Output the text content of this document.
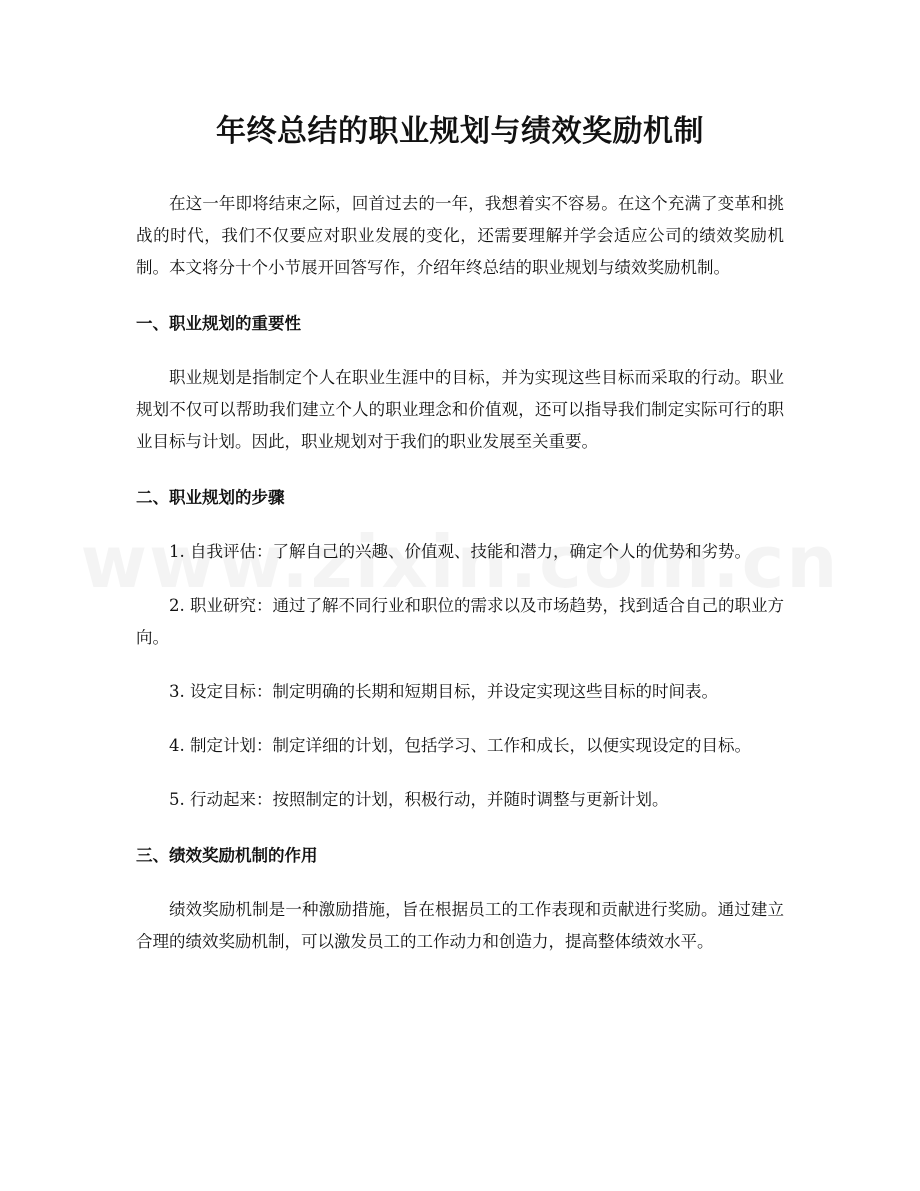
年终总结的职业规划与绩效奖励机制

在这一年即将结束之际，回首过去的一年，我想着实不容易。在这个充满了变革和挑战的时代，我们不仅要应对职业发展的变化，还需要理解并学会适应公司的绩效奖励机制。本文将分十个小节展开回答写作，介绍年终总结的职业规划与绩效奖励机制。

一、职业规划的重要性

职业规划是指制定个人在职业生涯中的目标，并为实现这些目标而采取的行动。职业规划不仅可以帮助我们建立个人的职业理念和价值观，还可以指导我们制定实际可行的职业目标与计划。因此，职业规划对于我们的职业发展至关重要。

二、职业规划的步骤

1. 自我评估：了解自己的兴趣、价值观、技能和潜力，确定个人的优势和劣势。

2. 职业研究：通过了解不同行业和职位的需求以及市场趋势，找到适合自己的职业方向。

3. 设定目标：制定明确的长期和短期目标，并设定实现这些目标的时间表。

4. 制定计划：制定详细的计划，包括学习、工作和成长，以便实现设定的目标。

5. 行动起来：按照制定的计划，积极行动，并随时调整与更新计划。

三、绩效奖励机制的作用

绩效奖励机制是一种激励措施，旨在根据员工的工作表现和贡献进行奖励。通过建立合理的绩效奖励机制，可以激发员工的工作动力和创造力，提高整体绩效水平。
